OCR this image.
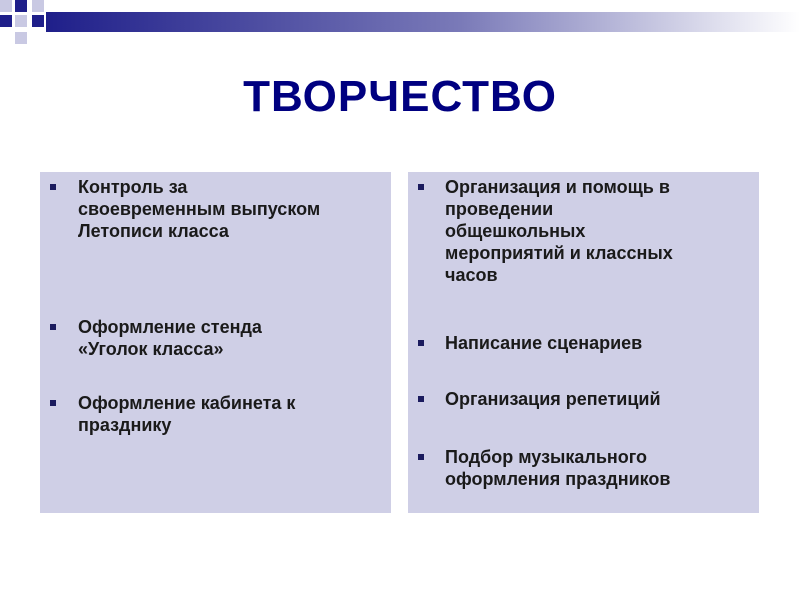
ТВОРЧЕСТВО

Контроль за
своевременным выпуском
Летописи класса

Оформление стенда
«Уголок класса»

Оформление кабинета к
празднику

Организация и помощь в
проведении
общешкольных
мероприятий и классных
часов

Написание сценариев

Организация репетиций

Подбор музыкального
оформления праздников
